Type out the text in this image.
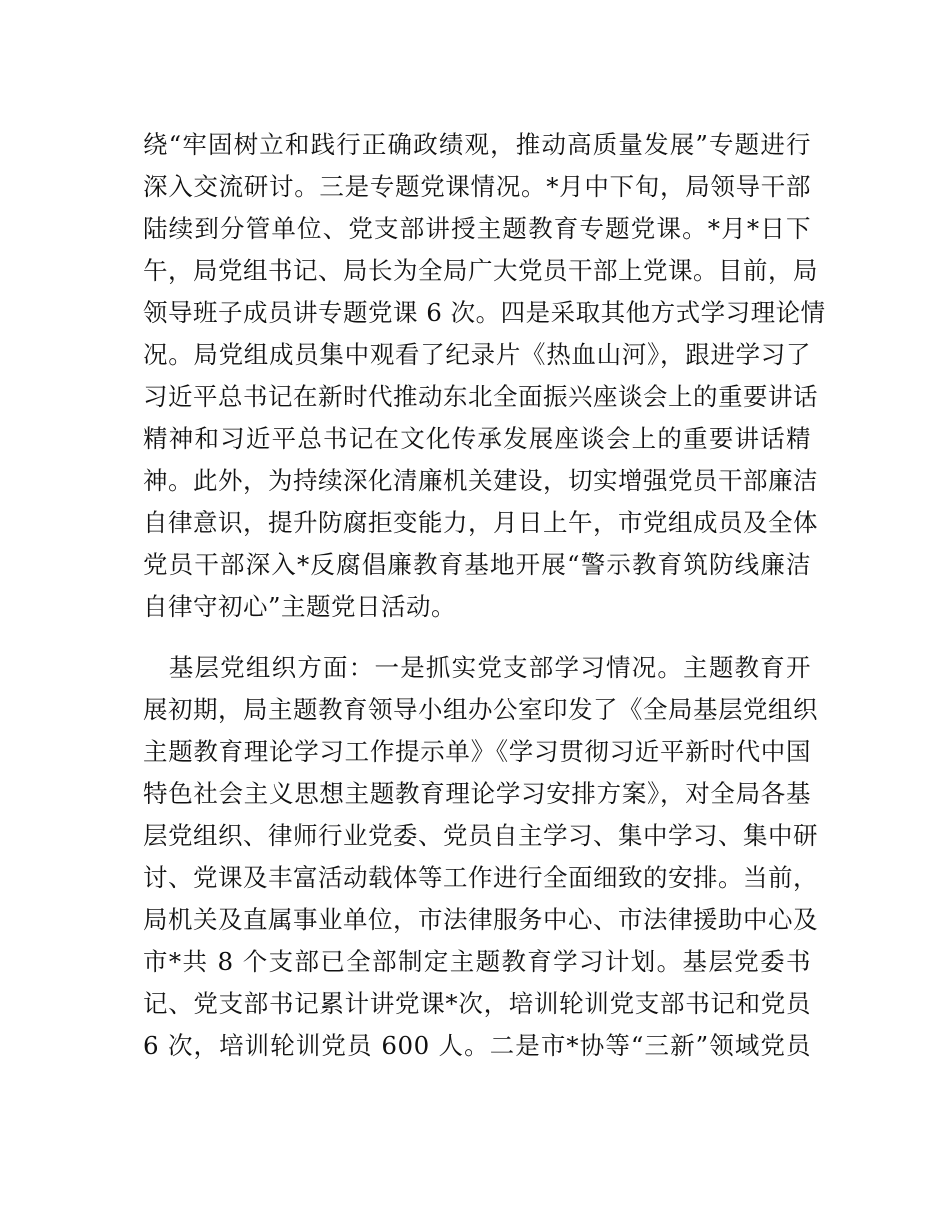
绕“牢固树立和践行正确政绩观，推动高质量发展”专题进行
深入交流研讨。三是专题党课情况。*月中下旬，局领导干部
陆续到分管单位、党支部讲授主题教育专题党课。*月*日下
午，局党组书记、局长为全局广大党员干部上党课。目前，局
领导班子成员讲专题党课 6 次。四是采取其他方式学习理论情
况。局党组成员集中观看了纪录片《热血山河》，跟进学习了
习近平总书记在新时代推动东北全面振兴座谈会上的重要讲话
精神和习近平总书记在文化传承发展座谈会上的重要讲话精
神。此外，为持续深化清廉机关建设，切实增强党员干部廉洁
自律意识，提升防腐拒变能力，月日上午，市党组成员及全体
党员干部深入*反腐倡廉教育基地开展“警示教育筑防线廉洁
自律守初心”主题党日活动。
　基层党组织方面：一是抓实党支部学习情况。主题教育开
展初期，局主题教育领导小组办公室印发了《全局基层党组织
主题教育理论学习工作提示单》《学习贯彻习近平新时代中国
特色社会主义思想主题教育理论学习安排方案》，对全局各基
层党组织、律师行业党委、党员自主学习、集中学习、集中研
讨、党课及丰富活动载体等工作进行全面细致的安排。当前，
局机关及直属事业单位，市法律服务中心、市法律援助中心及
市*共 8 个支部已全部制定主题教育学习计划。基层党委书
记、党支部书记累计讲党课*次，培训轮训党支部书记和党员
6 次，培训轮训党员 600 人。二是市*协等“三新”领域党员
